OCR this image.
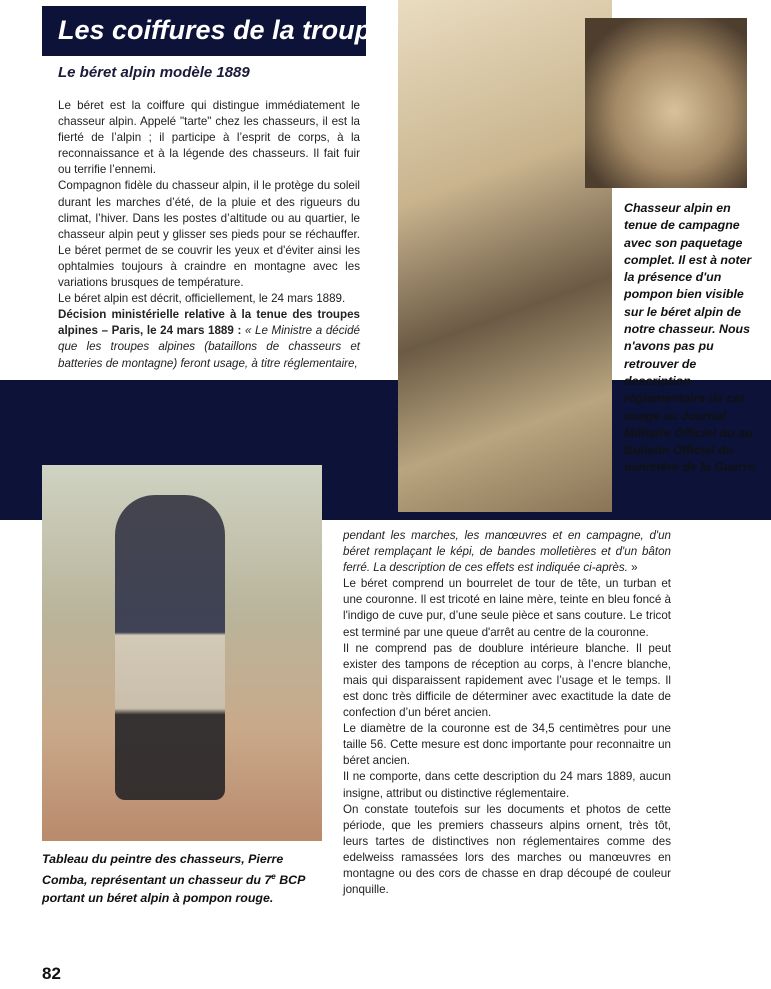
Les coiffures de la troupe
Le béret alpin modèle 1889

Le béret est la coiffure qui distingue immédiatement le chasseur alpin. Appelé "tarte" chez les chasseurs, il est la fierté de l’alpin ; il participe à l’esprit de corps, à la reconnaissance et à la légende des chasseurs. Il fait fuir ou terrifie l’ennemi.

Compagnon fidèle du chasseur alpin, il le protège du soleil durant les marches d’été, de la pluie et des rigueurs du climat, l’hiver. Dans les postes d’altitude ou au quartier, le chasseur alpin peut y glisser ses pieds pour se réchauffer. Le béret permet de se couvrir les yeux et d'éviter ainsi les ophtalmies toujours à craindre en montagne avec les variations brusques de température.

Le béret alpin est décrit, officiellement, le 24 mars 1889.

Décision ministérielle relative à la tenue des troupes alpines – Paris, le 24 mars 1889 : « Le Ministre a décidé que les troupes alpines (bataillons de chasseurs et batteries de montagne) feront usage, à titre réglementaire,

Chasseur alpin en tenue de campagne avec son paquetage complet. Il est à noter la présence d'un pompon bien visible sur le béret alpin de notre chasseur. Nous n'avons pas pu retrouver de description réglementaire de cet usage au Journal Militaire Officiel ou au Bulletin Officiel du ministère de la Guerre.
Tableau du peintre des chasseurs, Pierre Comba, représentant un chasseur du 7e BCP portant un béret alpin à pompon rouge.

pendant les marches, les manœuvres et en campagne, d'un béret remplaçant le képi, de bandes molletières et d'un bâton ferré. La description de ces effets est indiquée ci-après. »

Le béret comprend un bourrelet de tour de tête, un turban et une couronne. Il est tricoté en laine mère, teinte en bleu foncé à l'indigo de cuve pur, d’une seule pièce et sans couture. Le tricot est terminé par une queue d'arrêt au centre de la couronne.

Il ne comprend pas de doublure intérieure blanche. Il peut exister des tampons de réception au corps, à l’encre blanche, mais qui disparaissent rapidement avec l’usage et le temps. Il est donc très difficile de déterminer avec exactitude la date de confection d’un béret ancien.

Le diamètre de la couronne est de 34,5 centimètres pour une taille 56. Cette mesure est donc importante pour reconnaitre un béret ancien.

Il ne comporte, dans cette description du 24 mars 1889, aucun insigne, attribut ou distinctive réglementaire.

On constate toutefois sur les documents et photos de cette période, que les premiers chasseurs alpins ornent, très tôt, leurs tartes de distinctives non réglementaires comme des edelweiss ramassées lors des marches ou manœuvres en montagne ou des cors de chasse en drap découpé de couleur jonquille.

82
